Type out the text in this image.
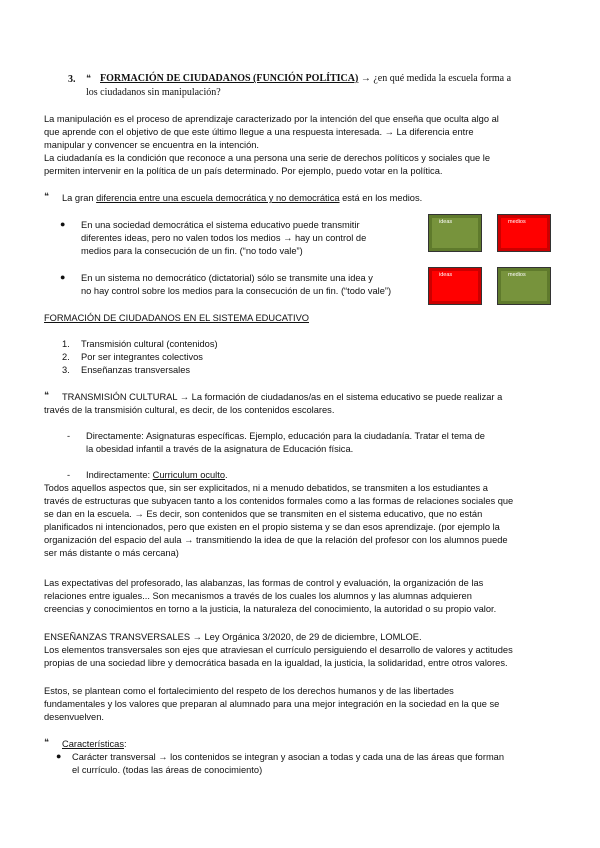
3. ❝ FORMACIÓN DE CIUDADANOS (FUNCIÓN POLÍTICA) → ¿en qué medida la escuela forma a
los ciudadanos sin manipulación?
La manipulación es el proceso de aprendizaje caracterizado por la intención del que enseña que oculta algo al
que aprende con el objetivo de que este último llegue a una respuesta interesada. → La diferencia entre
manipular y convencer se encuentra en la intención.
La ciudadanía es la condición que reconoce a una persona una serie de derechos políticos y sociales que le
permiten intervenir en la política de un país determinado. Por ejemplo, puedo votar en la política.
❝ La gran diferencia entre una escuela democrática y no democrática está en los medios.
● En una sociedad democrática el sistema educativo puede transmitir
diferentes ideas, pero no valen todos los medios → hay un control de
medios para la consecución de un fin. (“no todo vale”)
● En un sistema no democrático (dictatorial) sólo se transmite una idea y
no hay control sobre los medios para la consecución de un fin. (“todo vale”)
ideas	medios
ideas	medios
FORMACIÓN DE CIUDADANOS EN EL SISTEMA EDUCATIVO
1. Transmisión cultural (contenidos)
2. Por ser integrantes colectivos
3. Enseñanzas transversales
❝ TRANSMISIÓN CULTURAL → La formación de ciudadanos/as en el sistema educativo se puede realizar a
través de la transmisión cultural, es decir, de los contenidos escolares.
- Directamente: Asignaturas específicas. Ejemplo, educación para la ciudadanía. Tratar el tema de
la obesidad infantil a través de la asignatura de Educación física.
- Indirectamente: Curriculum oculto.
Todos aquellos aspectos que, sin ser explicitados, ni a menudo debatidos, se transmiten a los estudiantes a
través de estructuras que subyacen tanto a los contenidos formales como a las formas de relaciones sociales que
se dan en la escuela. → Es decir, son contenidos que se transmiten en el sistema educativo, que no están
planificados ni intencionados, pero que existen en el propio sistema y se dan esos aprendizaje. (por ejemplo la
organización del espacio del aula → transmitiendo la idea de que la relación del profesor con los alumnos puede
ser más distante o más cercana)
Las expectativas del profesorado, las alabanzas, las formas de control y evaluación, la organización de las
relaciones entre iguales... Son mecanismos a través de los cuales los alumnos y las alumnas adquieren
creencias y conocimientos en torno a la justicia, la naturaleza del conocimiento, la autoridad o su propio valor.
ENSEÑANZAS TRANSVERSALES → Ley Orgánica 3/2020, de 29 de diciembre, LOMLOE.
Los elementos transversales son ejes que atraviesan el currículo persiguiendo el desarrollo de valores y actitudes
propias de una sociedad libre y democrática basada en la igualdad, la justicia, la solidaridad, entre otros valores.
Estos, se plantean como el fortalecimiento del respeto de los derechos humanos y de las libertades
fundamentales y los valores que preparan al alumnado para una mejor integración en la sociedad en la que se
desenvuelven.
❝ Características:
● Carácter transversal → los contenidos se integran y asocian a todas y cada una de las áreas que forman
el currículo. (todas las áreas de conocimiento)
